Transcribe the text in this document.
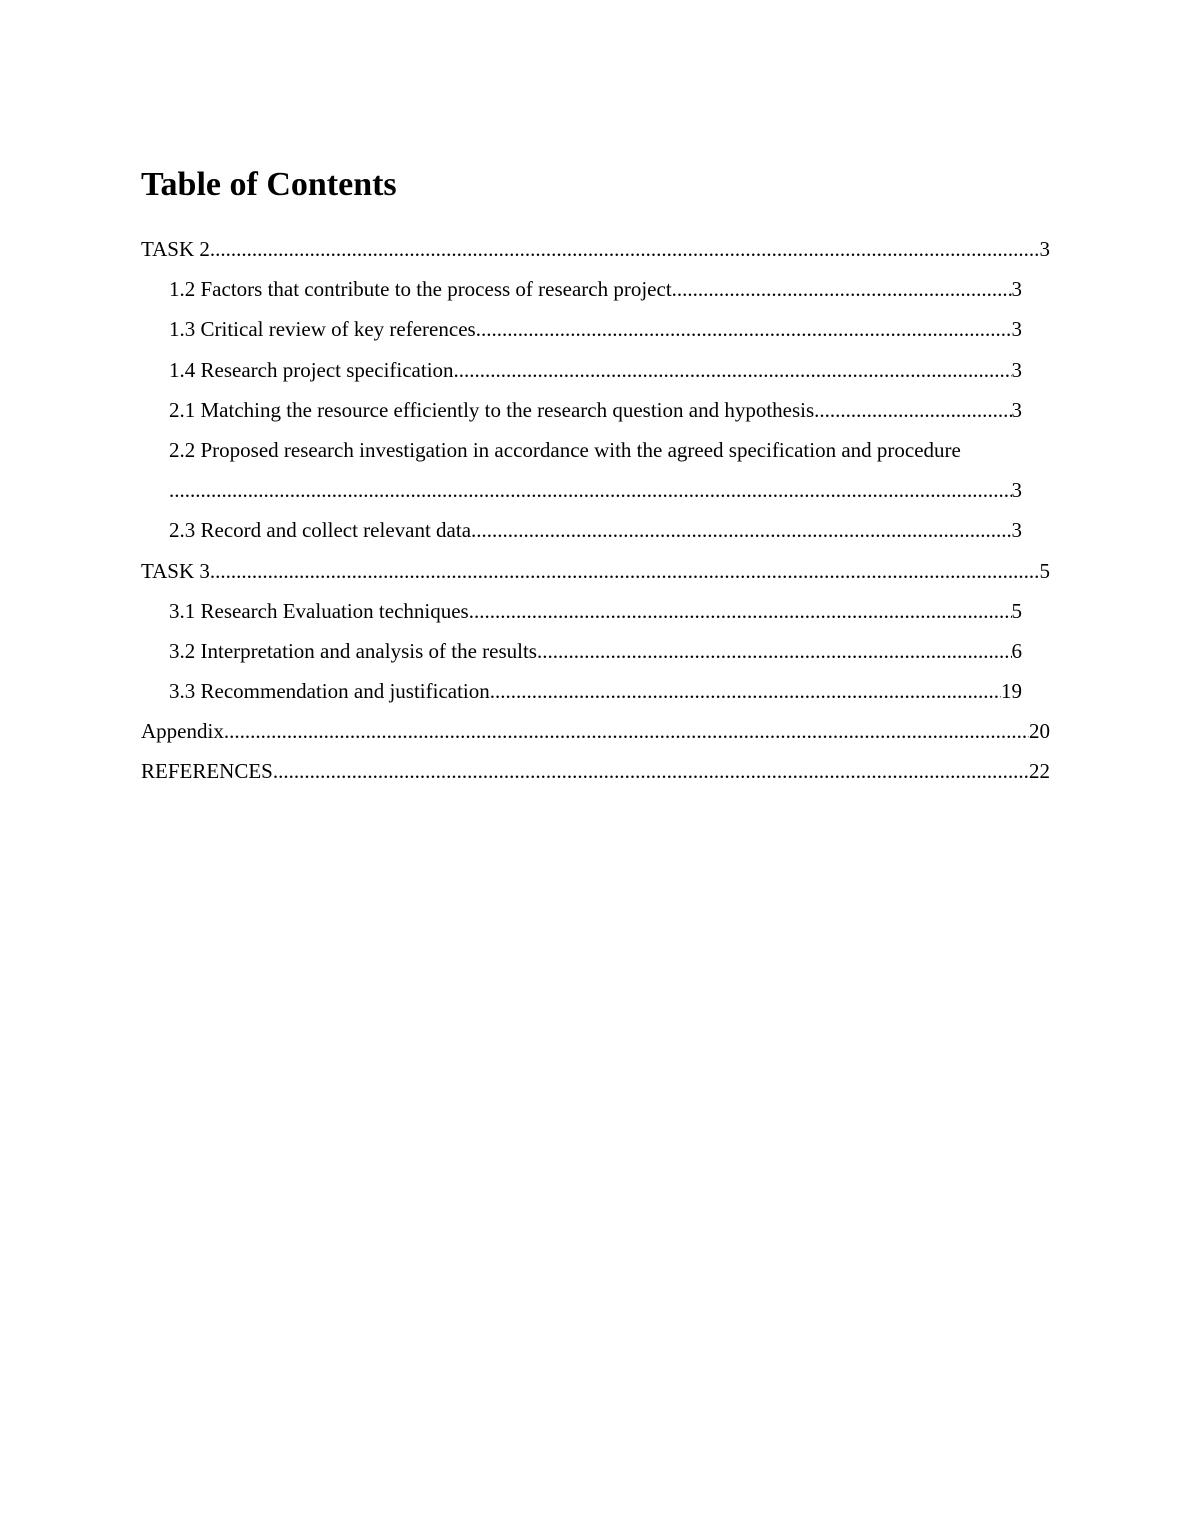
Table of Contents
TASK 2 .....	3
1.2 Factors that contribute to the process of research project .....	3
1.3 Critical review of key references .....	3
1.4 Research project specification .....	3
2.1 Matching the resource efficiently to the research question and hypothesis .....	3
2.2 Proposed research investigation in accordance with the agreed specification and procedure
.....
3
2.3 Record and collect relevant data .....	3
TASK 3 .....	5
3.1 Research Evaluation techniques .....	5
3.2 Interpretation and analysis of the results .....	6
3.3 Recommendation and justification .....	19
Appendix .....	20
REFERENCES .....	22
